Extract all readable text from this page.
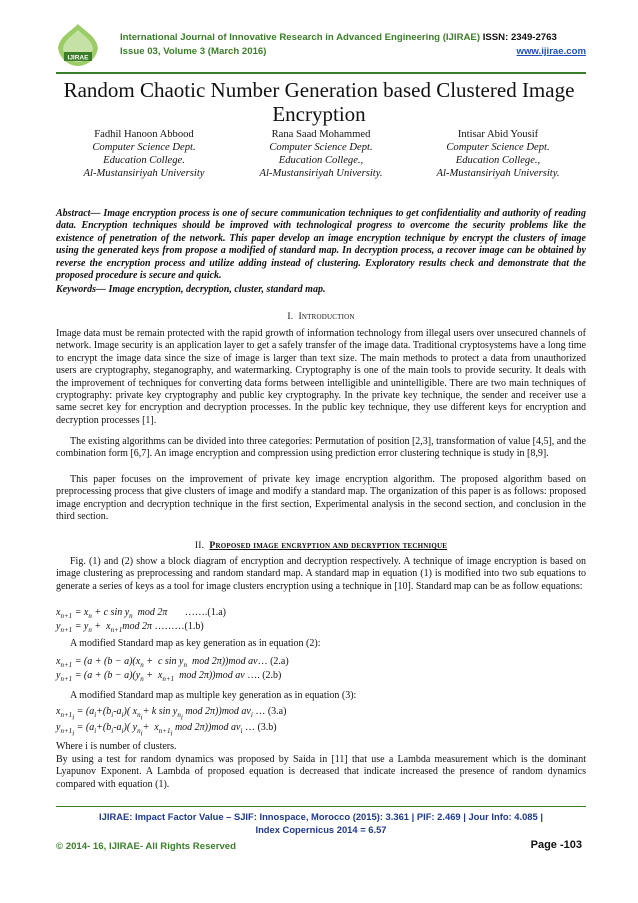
IJIRAE
International Journal of Innovative Research in Advanced Engineering (IJIRAE) ISSN: 2349-2763
Issue 03, Volume 3 (March 2016)	www.ijirae.com
Random Chaotic Number Generation based Clustered Image Encryption
Fadhil Hanoon Abbood
Computer Science Dept.
Education College.
Al-Mustansiriyah University
Rana Saad Mohammed
Computer Science Dept.
Education College.,
Al-Mustansiriyah University.
Intisar Abid Yousif
Computer Science Dept.
Education College.,
Al-Mustansiriyah University.
Abstract— Image encryption process is one of secure communication techniques to get confidentiality and authority of reading data. Encryption techniques should be improved with technological progress to overcome the security problems like the existence of penetration of the network. This paper develop an image encryption technique by encrypt the clusters of image using the generated keys from propose a modified of standard map. In decryption process, a recover image can be obtained by reverse the encryption process and utilize adding instead of clustering. Exploratory results check and demonstrate that the proposed procedure is secure and quick.
Keywords— Image encryption, decryption, cluster, standard map.
I. Introduction
Image data must be remain protected with the rapid growth of information technology from illegal users over unsecured channels of network. Image security is an application layer to get a safely transfer of the image data. Traditional cryptosystems have a long time to encrypt the image data since the size of image is larger than text size. The main methods to protect a data from unauthorized users are cryptography, steganography, and watermarking. Cryptography is one of the main tools to provide security. It deals with the improvement of techniques for converting data forms between intelligible and unintelligible. There are two main techniques of cryptography: private key cryptography and public key cryptography. In the private key technique, the sender and receiver use a same secret key for encryption and decryption processes. In the public key technique, they use different keys for encryption and decryption processes [1].
The existing algorithms can be divided into three categories: Permutation of position [2,3], transformation of value [4,5], and the combination form [6,7]. An image encryption and compression using prediction error clustering technique is study in [8,9].
This paper focuses on the improvement of private key image encryption algorithm. The proposed algorithm based on preprocessing process that give clusters of image and modify a standard map. The organization of this paper is as follows: proposed image encryption and decryption technique in the first section, Experimental analysis in the second section, and conclusion in the third section.
II. Proposed image encryption and decryption technique
Fig. (1) and (2) show a block diagram of encryption and decryption respectively. A technique of image encryption is based on image clustering as preprocessing and random standard map. A standard map in equation (1) is modified into two sub equations to generate a series of keys as a tool for image clusters encryption using a technique in [10]. Standard map can be as follow equations:
$x_{n+1} = x_n + c$ $\sin y_n$  mod 2π       …….(1.a)
$y_{n+1} = y_n + x_{n+1}mod$ 2π ………(1.b)
A modified Standard map as key generation as in equation (2):
$x_{n+1} = (a + (b - a)(x_n + c$ $\sin y_n$  mod 2π))mod av… (2.a)
$y_{n+1} = (a + (b - a)(y_n + x_{n+1}$  mod 2π))mod av …. (2.b)
A modified Standard map as multiple key generation as in equation (3):
$x_{n+1_i} = (a_i+(b_i-a_i)$( $x_{n_i}+ k$ $\sin y_{n_i}$ mod 2π))mod $av_i$ … (3.a)
$y_{n+1_i} = (a_i+(b_i-a_i)$( $y_{n_i}+ x_{n+1_i}$ mod 2π))mod $av_i$ … (3.b)
Where i is number of clusters.
By using a test for random dynamics was proposed by Saida in [11] that use a Lambda measurement which is the dominant Lyapunov Exponent. A Lambda of proposed equation is decreased that indicate increased the presence of random dynamics compared with equation (1).
IJIRAE: Impact Factor Value – SJIF: Innospace, Morocco (2015): 3.361 | PIF: 2.469 | Jour Info: 4.085 |
Index Copernicus 2014 = 6.57
© 2014- 16, IJIRAE- All Rights Reserved	Page -103
